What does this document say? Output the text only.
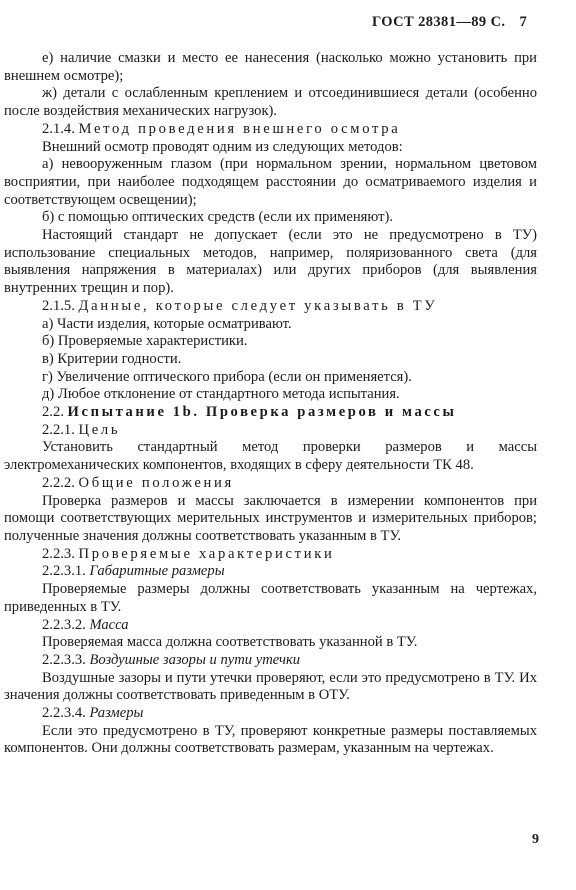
ГОСТ 28381—89 С. 7

е) наличие смазки и место ее нанесения (насколько можно установить при внешнем осмотре);

ж) детали с ослабленным креплением и отсоединившиеся детали (особенно после воздействия механических нагрузок).

2.1.4. Метод проведения внешнего осмотра

Внешний осмотр проводят одним из следующих методов:

а) невооруженным глазом (при нормальном зрении, нормальном цветовом восприятии, при наиболее подходящем расстоянии до осматриваемого изделия и соответствующем освещении);

б) с помощью оптических средств (если их применяют).

Настоящий стандарт не допускает (если это не предусмотрено в ТУ) использование специальных методов, например, поляризованного света (для выявления напряжения в материалах) или других приборов (для выявления внутренних трещин и пор).

2.1.5. Данные, которые следует указывать в ТУ

а) Части изделия, которые осматривают.

б) Проверяемые характеристики.

в) Критерии годности.

г) Увеличение оптического прибора (если он применяется).

д) Любое отклонение от стандартного метода испытания.

2.2. Испытание 1b. Проверка размеров и массы

2.2.1. Цель

Установить стандартный метод проверки размеров и массы электромеханических компонентов, входящих в сферу деятельности ТК 48.

2.2.2. Общие положения

Проверка размеров и массы заключается в измерении компонентов при помощи соответствующих мерительных инструментов и измерительных приборов; полученные значения должны соответствовать указанным в ТУ.

2.2.3. Проверяемые характеристики

2.2.3.1. Габаритные размеры

Проверяемые размеры должны соответствовать указанным на чертежах, приведенных в ТУ.

2.2.3.2. Масса

Проверяемая масса должна соответствовать указанной в ТУ.

2.2.3.3. Воздушные зазоры и пути утечки

Воздушные зазоры и пути утечки проверяют, если это предусмотрено в ТУ. Их значения должны соответствовать приведенным в ОТУ.

2.2.3.4. Размеры

Если это предусмотрено в ТУ, проверяют конкретные размеры поставляемых компонентов. Они должны соответствовать размерам, указанным на чертежах.

9
